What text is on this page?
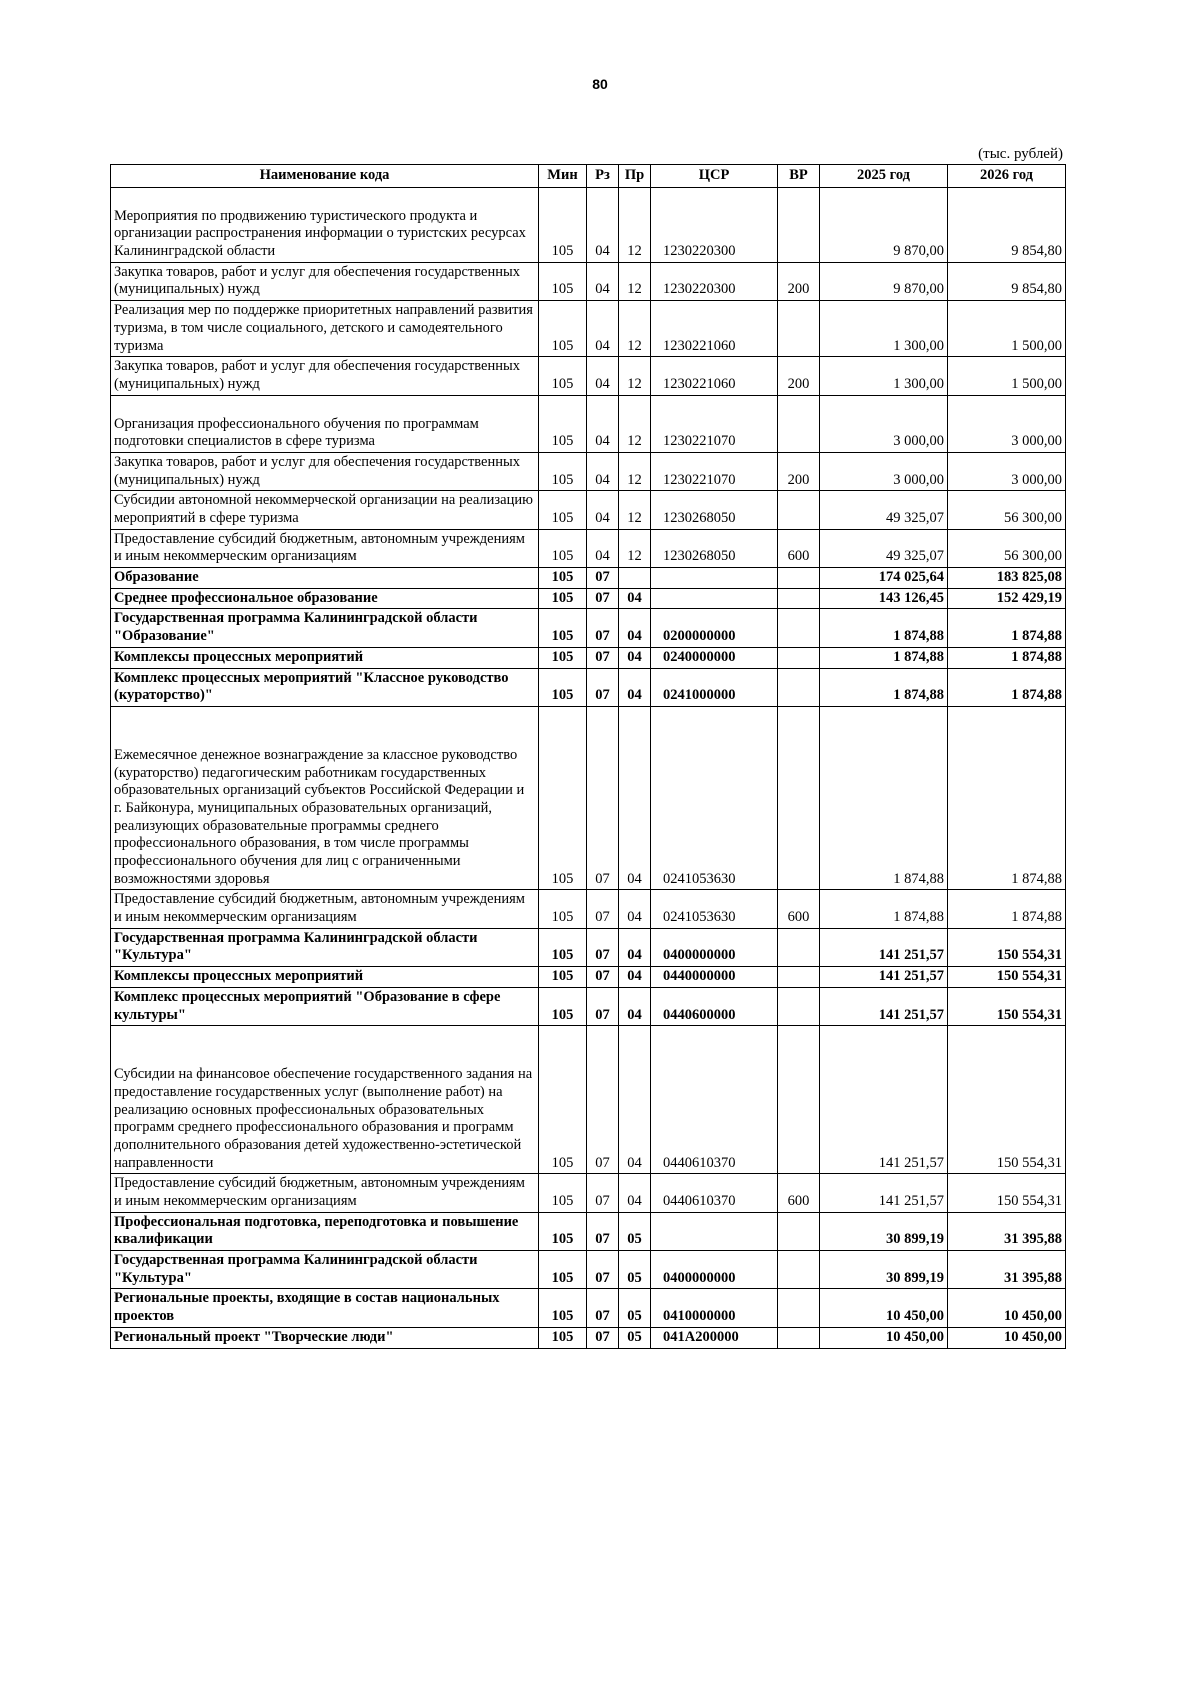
80
(тыс. рублей)
Наименование кода	Мин	Рз	Пр	ЦСР	ВР	2025 год	2026 год
Мероприятия по продвижению туристического продукта и организации распространения информации о туристских ресурсах Калининградской области	105	04	12	1230220300		9 870,00	9 854,80
Закупка товаров, работ и услуг для обеспечения государственных (муниципальных) нужд	105	04	12	1230220300	200	9 870,00	9 854,80
Реализация мер по поддержке приоритетных направлений развития туризма, в том числе социального, детского и самодеятельного туризма	105	04	12	1230221060		1 300,00	1 500,00
Закупка товаров, работ и услуг для обеспечения государственных (муниципальных) нужд	105	04	12	1230221060	200	1 300,00	1 500,00
Организация профессионального обучения по программам подготовки специалистов в сфере туризма	105	04	12	1230221070		3 000,00	3 000,00
Закупка товаров, работ и услуг для обеспечения государственных (муниципальных) нужд	105	04	12	1230221070	200	3 000,00	3 000,00
Субсидии автономной некоммерческой организации на реализацию мероприятий в сфере туризма	105	04	12	1230268050		49 325,07	56 300,00
Предоставление субсидий бюджетным, автономным учреждениям и иным некоммерческим организациям	105	04	12	1230268050	600	49 325,07	56 300,00
Образование	105	07				174 025,64	183 825,08
Среднее профессиональное образование	105	07	04			143 126,45	152 429,19
Государственная программа Калининградской области "Образование"	105	07	04	0200000000		1 874,88	1 874,88
Комплексы процессных мероприятий	105	07	04	0240000000		1 874,88	1 874,88
Комплекс процессных мероприятий "Классное руководство (кураторство)"	105	07	04	0241000000		1 874,88	1 874,88
Ежемесячное денежное вознаграждение за классное руководство (кураторство) педагогическим работникам государственных образовательных организаций субъектов Российской Федерации и г. Байконура, муниципальных образовательных организаций, реализующих образовательные программы среднего профессионального образования, в том числе программы профессионального обучения для лиц с ограниченными возможностями здоровья	105	07	04	0241053630		1 874,88	1 874,88
Предоставление субсидий бюджетным, автономным учреждениям и иным некоммерческим организациям	105	07	04	0241053630	600	1 874,88	1 874,88
Государственная программа Калининградской области "Культура"	105	07	04	0400000000		141 251,57	150 554,31
Комплексы процессных мероприятий	105	07	04	0440000000		141 251,57	150 554,31
Комплекс процессных мероприятий "Образование в сфере культуры"	105	07	04	0440600000		141 251,57	150 554,31
Субсидии на финансовое обеспечение государственного задания на предоставление государственных услуг (выполнение работ) на реализацию основных профессиональных образовательных программ среднего профессионального образования и программ дополнительного образования детей художественно-эстетической направленности	105	07	04	0440610370		141 251,57	150 554,31
Предоставление субсидий бюджетным, автономным учреждениям и иным некоммерческим организациям	105	07	04	0440610370	600	141 251,57	150 554,31
Профессиональная подготовка, переподготовка и повышение квалификации	105	07	05			30 899,19	31 395,88
Государственная программа Калининградской области "Культура"	105	07	05	0400000000		30 899,19	31 395,88
Региональные проекты, входящие в состав национальных проектов	105	07	05	0410000000		10 450,00	10 450,00
Региональный проект "Творческие люди"	105	07	05	041А200000		10 450,00	10 450,00
